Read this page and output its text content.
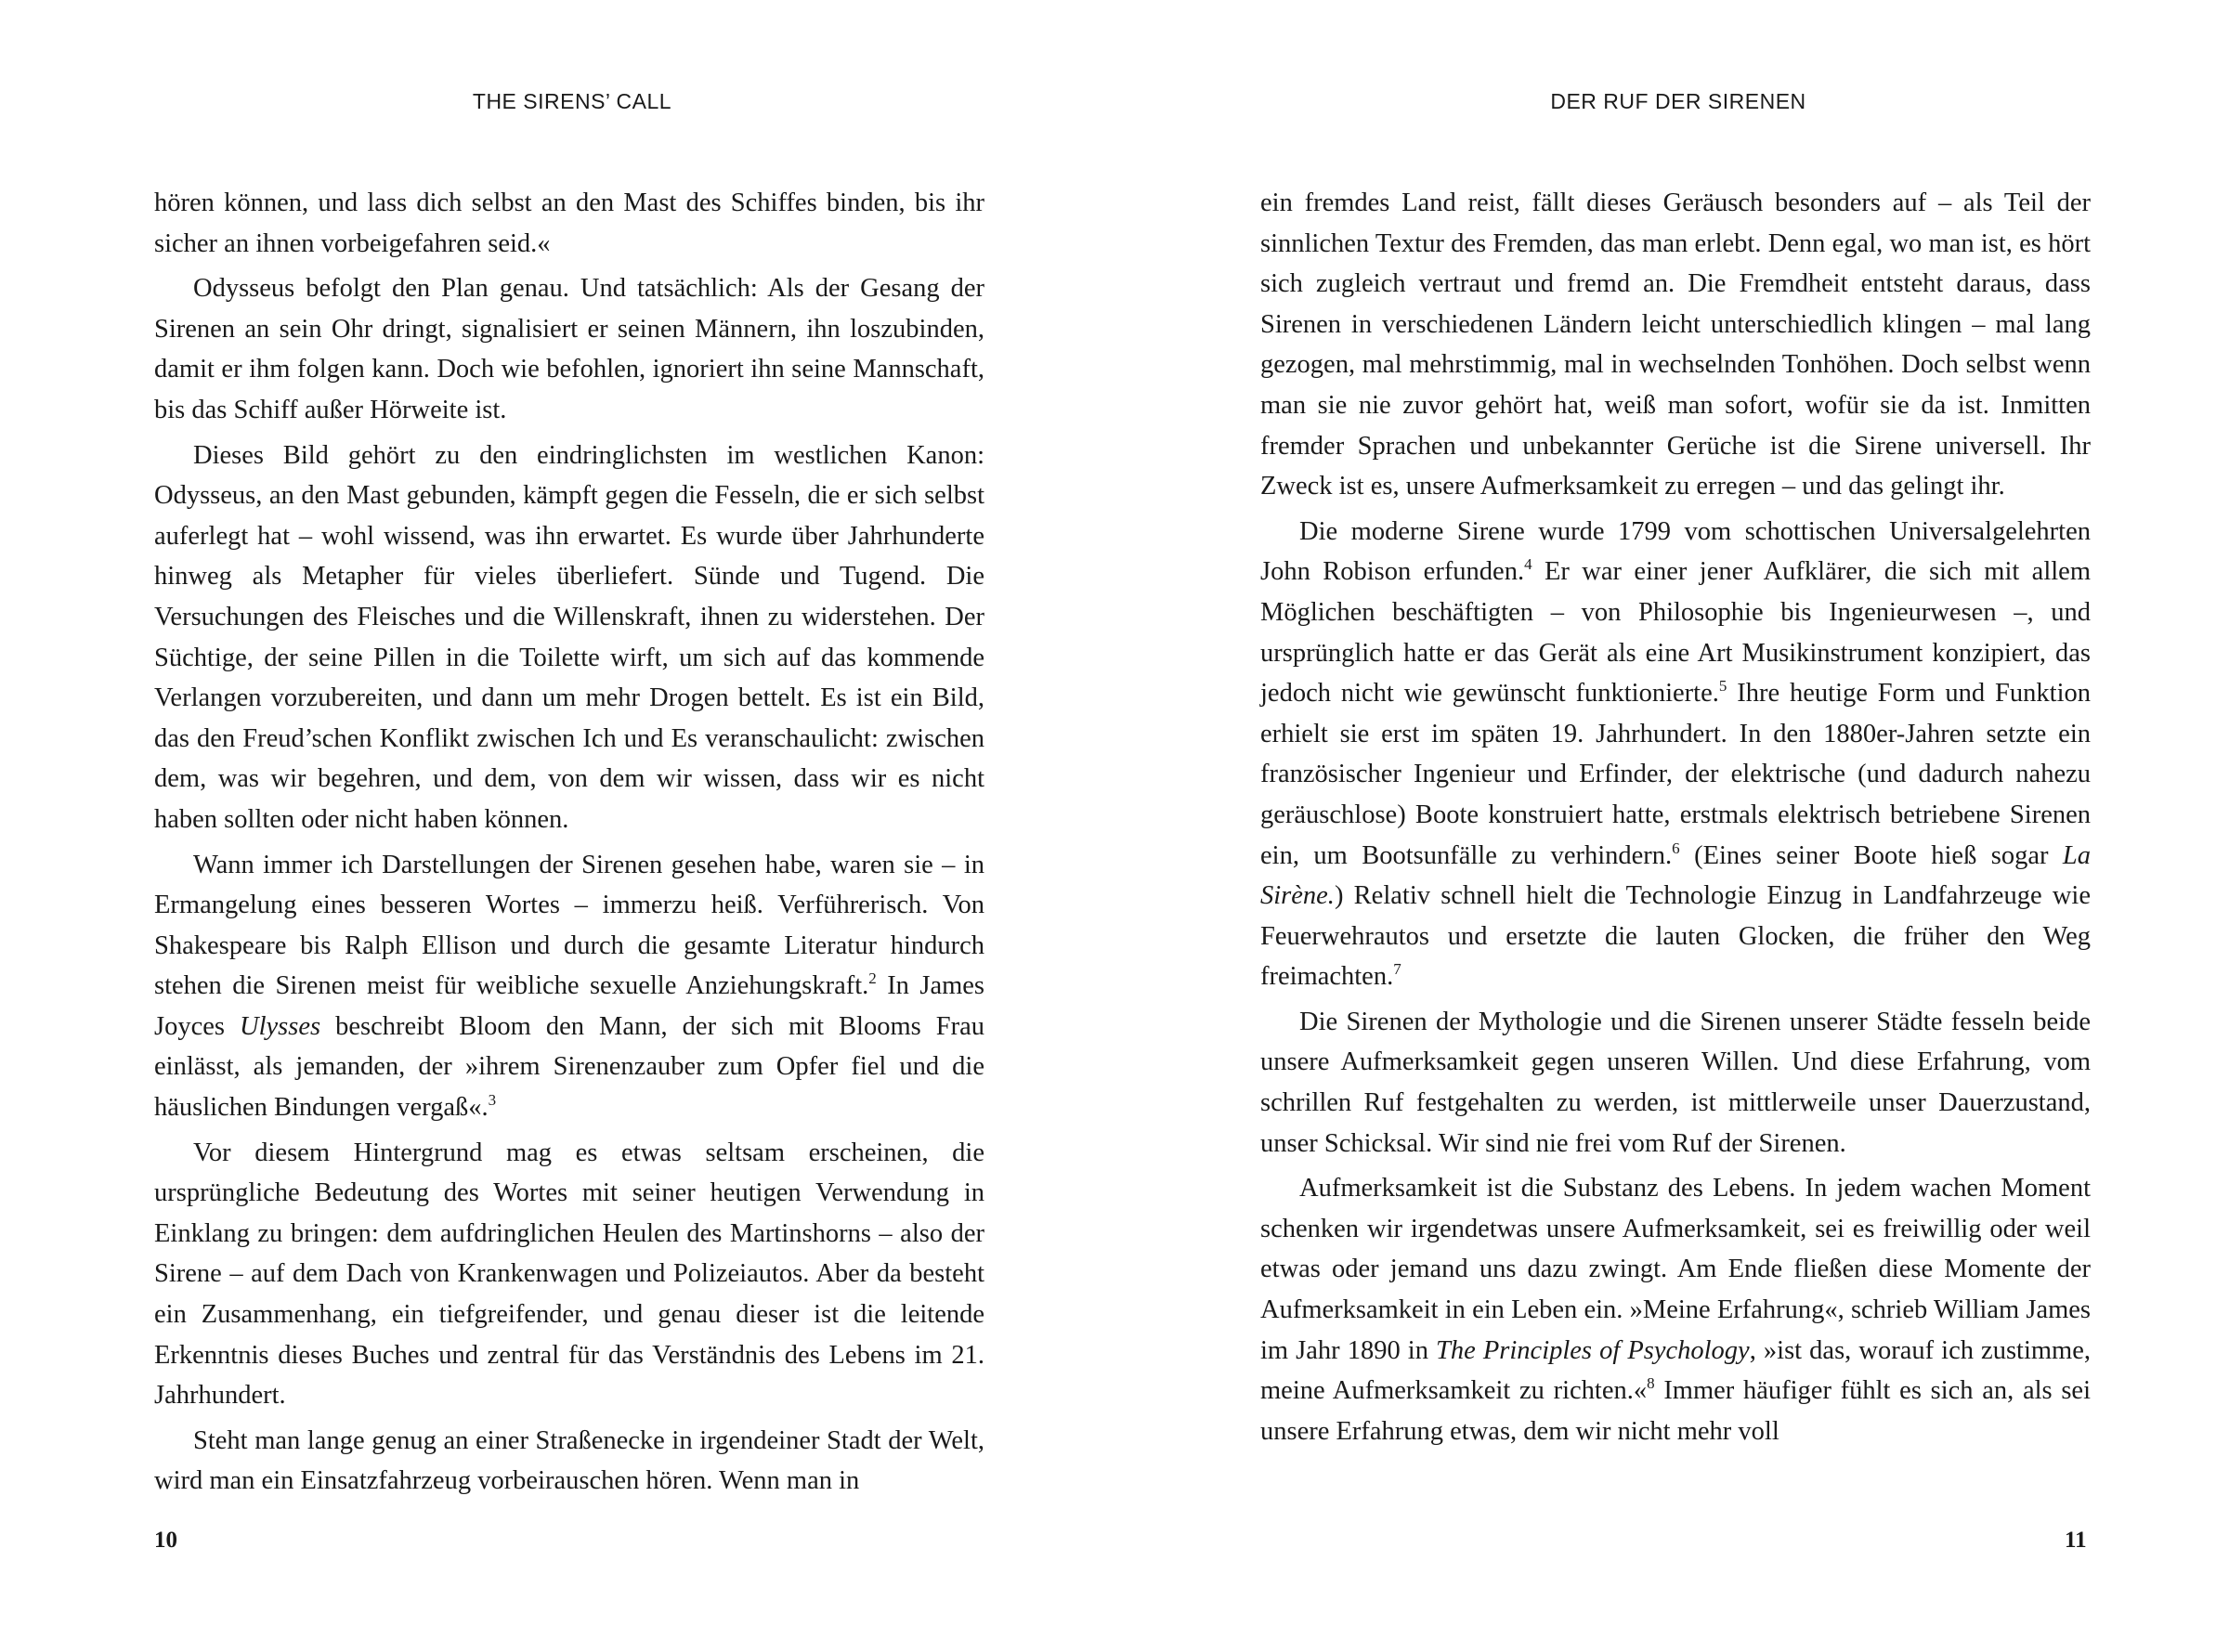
THE SIRENS’ CALL

hören können, und lass dich selbst an den Mast des Schiffes binden, bis ihr sicher an ihnen vorbeigefahren seid.«

Odysseus befolgt den Plan genau. Und tatsächlich: Als der Gesang der Sirenen an sein Ohr dringt, signalisiert er seinen Männern, ihn loszubinden, damit er ihm folgen kann. Doch wie befohlen, ignoriert ihn seine Mannschaft, bis das Schiff außer Hörweite ist.

Dieses Bild gehört zu den eindringlichsten im westlichen Kanon: Odysseus, an den Mast gebunden, kämpft gegen die Fesseln, die er sich selbst auferlegt hat – wohl wissend, was ihn erwartet. Es wurde über Jahrhunderte hinweg als Metapher für vieles überliefert. Sünde und Tugend. Die Versuchungen des Fleisches und die Willenskraft, ihnen zu widerstehen. Der Süchtige, der seine Pillen in die Toilette wirft, um sich auf das kommende Verlangen vorzubereiten, und dann um mehr Drogen bettelt. Es ist ein Bild, das den Freud’schen Konflikt zwischen Ich und Es veranschaulicht: zwischen dem, was wir begehren, und dem, von dem wir wissen, dass wir es nicht haben sollten oder nicht haben können.

Wann immer ich Darstellungen der Sirenen gesehen habe, waren sie – in Ermangelung eines besseren Wortes – immerzu heiß. Verführerisch. Von Shakespeare bis Ralph Ellison und durch die gesamte Literatur hindurch stehen die Sirenen meist für weibliche sexuelle Anziehungskraft.$^2$ In James Joyces Ulysses beschreibt Bloom den Mann, der sich mit Blooms Frau einlässt, als jemanden, der »ihrem Sirenenzauber zum Opfer fiel und die häuslichen Bindungen vergaß«.$^3$

Vor diesem Hintergrund mag es etwas seltsam erscheinen, die ursprüngliche Bedeutung des Wortes mit seiner heutigen Verwendung in Einklang zu bringen: dem aufdringlichen Heulen des Martinshorns – also der Sirene – auf dem Dach von Krankenwagen und Polizeiautos. Aber da besteht ein Zusammenhang, ein tiefgreifender, und genau dieser ist die leitende Erkenntnis dieses Buches und zentral für das Verständnis des Lebens im 21. Jahrhundert.

Steht man lange genug an einer Straßenecke in irgendeiner Stadt der Welt, wird man ein Einsatzfahrzeug vorbeirauschen hören. Wenn man in

10
DER RUF DER SIRENEN

ein fremdes Land reist, fällt dieses Geräusch besonders auf – als Teil der sinnlichen Textur des Fremden, das man erlebt. Denn egal, wo man ist, es hört sich zugleich vertraut und fremd an. Die Fremdheit entsteht daraus, dass Sirenen in verschiedenen Ländern leicht unterschiedlich klingen – mal lang gezogen, mal mehrstimmig, mal in wechselnden Tonhöhen. Doch selbst wenn man sie nie zuvor gehört hat, weiß man sofort, wofür sie da ist. Inmitten fremder Sprachen und unbekannter Gerüche ist die Sirene universell. Ihr Zweck ist es, unsere Aufmerksamkeit zu erregen – und das gelingt ihr.

Die moderne Sirene wurde 1799 vom schottischen Universalgelehrten John Robison erfunden.$^4$ Er war einer jener Aufklärer, die sich mit allem Möglichen beschäftigten – von Philosophie bis Ingenieurwesen –, und ursprünglich hatte er das Gerät als eine Art Musikinstrument konzipiert, das jedoch nicht wie gewünscht funktionierte.$^5$ Ihre heutige Form und Funktion erhielt sie erst im späten 19. Jahrhundert. In den 1880er-Jahren setzte ein französischer Ingenieur und Erfinder, der elektrische (und dadurch nahezu geräuschlose) Boote konstruiert hatte, erstmals elektrisch betriebene Sirenen ein, um Bootsunfälle zu verhindern.$^6$ (Eines seiner Boote hieß sogar La Sirène.) Relativ schnell hielt die Technologie Einzug in Landfahrzeuge wie Feuerwehrautos und ersetzte die lauten Glocken, die früher den Weg freimachten.$^7$

Die Sirenen der Mythologie und die Sirenen unserer Städte fesseln beide unsere Aufmerksamkeit gegen unseren Willen. Und diese Erfahrung, vom schrillen Ruf festgehalten zu werden, ist mittlerweile unser Dauerzustand, unser Schicksal. Wir sind nie frei vom Ruf der Sirenen.

Aufmerksamkeit ist die Substanz des Lebens. In jedem wachen Moment schenken wir irgendetwas unsere Aufmerksamkeit, sei es freiwillig oder weil etwas oder jemand uns dazu zwingt. Am Ende fließen diese Momente der Aufmerksamkeit in ein Leben ein. »Meine Erfahrung«, schrieb William James im Jahr 1890 in The Principles of Psychology, »ist das, worauf ich zustimme, meine Aufmerksamkeit zu richten.«$^8$ Immer häufiger fühlt es sich an, als sei unsere Erfahrung etwas, dem wir nicht mehr voll

11
